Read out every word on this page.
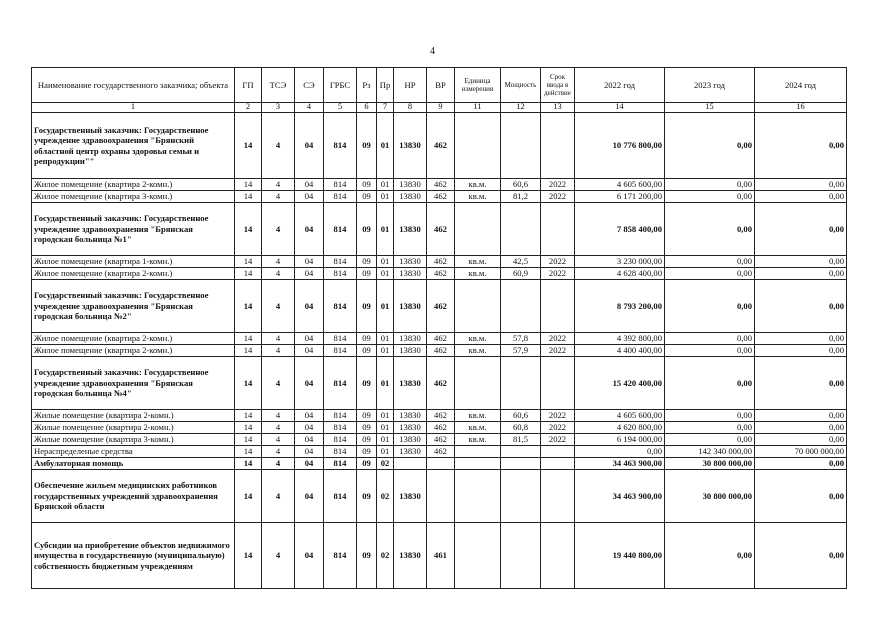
4
Наименование государственного заказчика; объекта	ГП	ТСЭ	СЭ	ГРБС	Рз	Пр	НР	ВР	Единица измерения	Мощность	Срок ввода в действие	2022 год	2023 год	2024 год
1	2	3	4	5	6	7	8	9	11	12	13	14	15	16
Государственный заказчик: Государственное учреждение здравоохранения "Брянский областной центр охраны здоровья семьи и репродукции""	14	4	04	814	09	01	13830	462				10 776 800,00	0,00	0,00
Жилое помещение (квартира 2-комн.)	14	4	04	814	09	01	13830	462	кв.м.	60,6	2022	4 605 600,00	0,00	0,00
Жилое помещение (квартира 3-комн.)	14	4	04	814	09	01	13830	462	кв.м.	81,2	2022	6 171 200,00	0,00	0,00
Государственный заказчик: Государственное учреждение здравоохранения "Брянская городская больница №1"	14	4	04	814	09	01	13830	462				7 858 400,00	0,00	0,00
Жилое помещение (квартира 1-комн.)	14	4	04	814	09	01	13830	462	кв.м.	42,5	2022	3 230 000,00	0,00	0,00
Жилое помещение (квартира 2-комн.)	14	4	04	814	09	01	13830	462	кв.м.	60,9	2022	4 628 400,00	0,00	0,00
Государственный заказчик: Государственное учреждение здравоохранения "Брянская городская больница №2"	14	4	04	814	09	01	13830	462				8 793 200,00	0,00	0,00
Жилое помещение (квартира 2-комн.)	14	4	04	814	09	01	13830	462	кв.м.	57,8	2022	4 392 800,00	0,00	0,00
Жилое помещение (квартира 2-комн.)	14	4	04	814	09	01	13830	462	кв.м.	57,9	2022	4 400 400,00	0,00	0,00
Государственный заказчик: Государственное учреждение здравоохранения "Брянская городская больница №4"	14	4	04	814	09	01	13830	462				15 420 400,00	0,00	0,00
Жилые помещение (квартира 2-комн.)	14	4	04	814	09	01	13830	462	кв.м.	60,6	2022	4 605 600,00	0,00	0,00
Жилые помещение (квартира 2-комн.)	14	4	04	814	09	01	13830	462	кв.м.	60,8	2022	4 620 800,00	0,00	0,00
Жилые помещение (квартира 3-комн.)	14	4	04	814	09	01	13830	462	кв.м.	81,5	2022	6 194 000,00	0,00	0,00
Нераспределеные средства	14	4	04	814	09	01	13830	462				0,00	142 340 000,00	70 000 000,00
Амбулаторная помощь	14	4	04	814	09	02						34 463 900,00	30 800 000,00	0,00
Обеспечение жильем медицинских работников государственных учреждений здравоохранения Брянской области	14	4	04	814	09	02	13830					34 463 900,00	30 800 000,00	0,00
Субсидии на приобретение объектов недвижимого имущества в государственную (муниципальную) собственность бюджетным учреждениям	14	4	04	814	09	02	13830	461				19 440 800,00	0,00	0,00
